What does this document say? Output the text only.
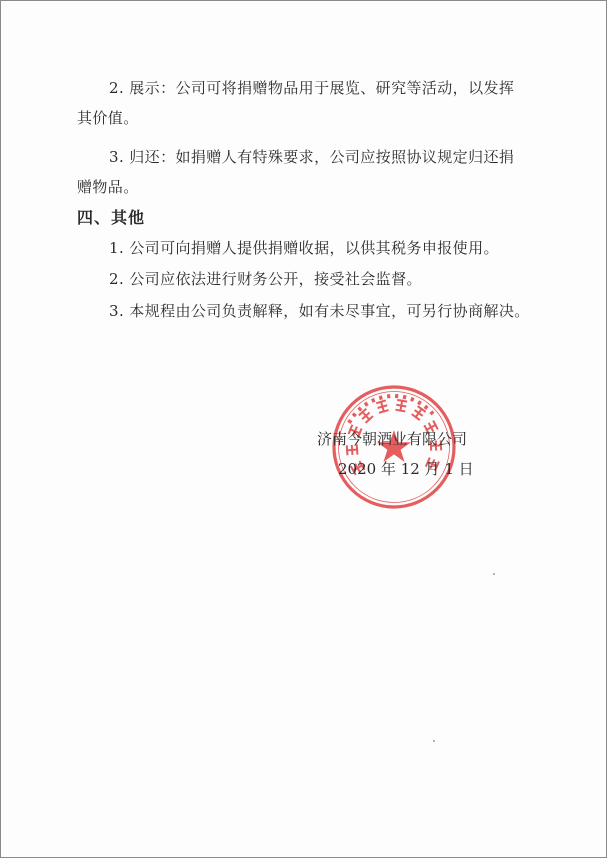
2. 展示：公司可将捐赠物品用于展览、研究等活动，以发挥
其价值。

3. 归还：如捐赠人有特殊要求，公司应按照协议规定归还捐
赠物品。

四、其他

1. 公司可向捐赠人提供捐赠收据，以供其税务申报使用。

2. 公司应依法进行财务公开，接受社会监督。

3. 本规程由公司负责解释，如有未尽事宜，可另行协商解决。

济南今朝酒业有限公司
2020 年 12 月 1 日
